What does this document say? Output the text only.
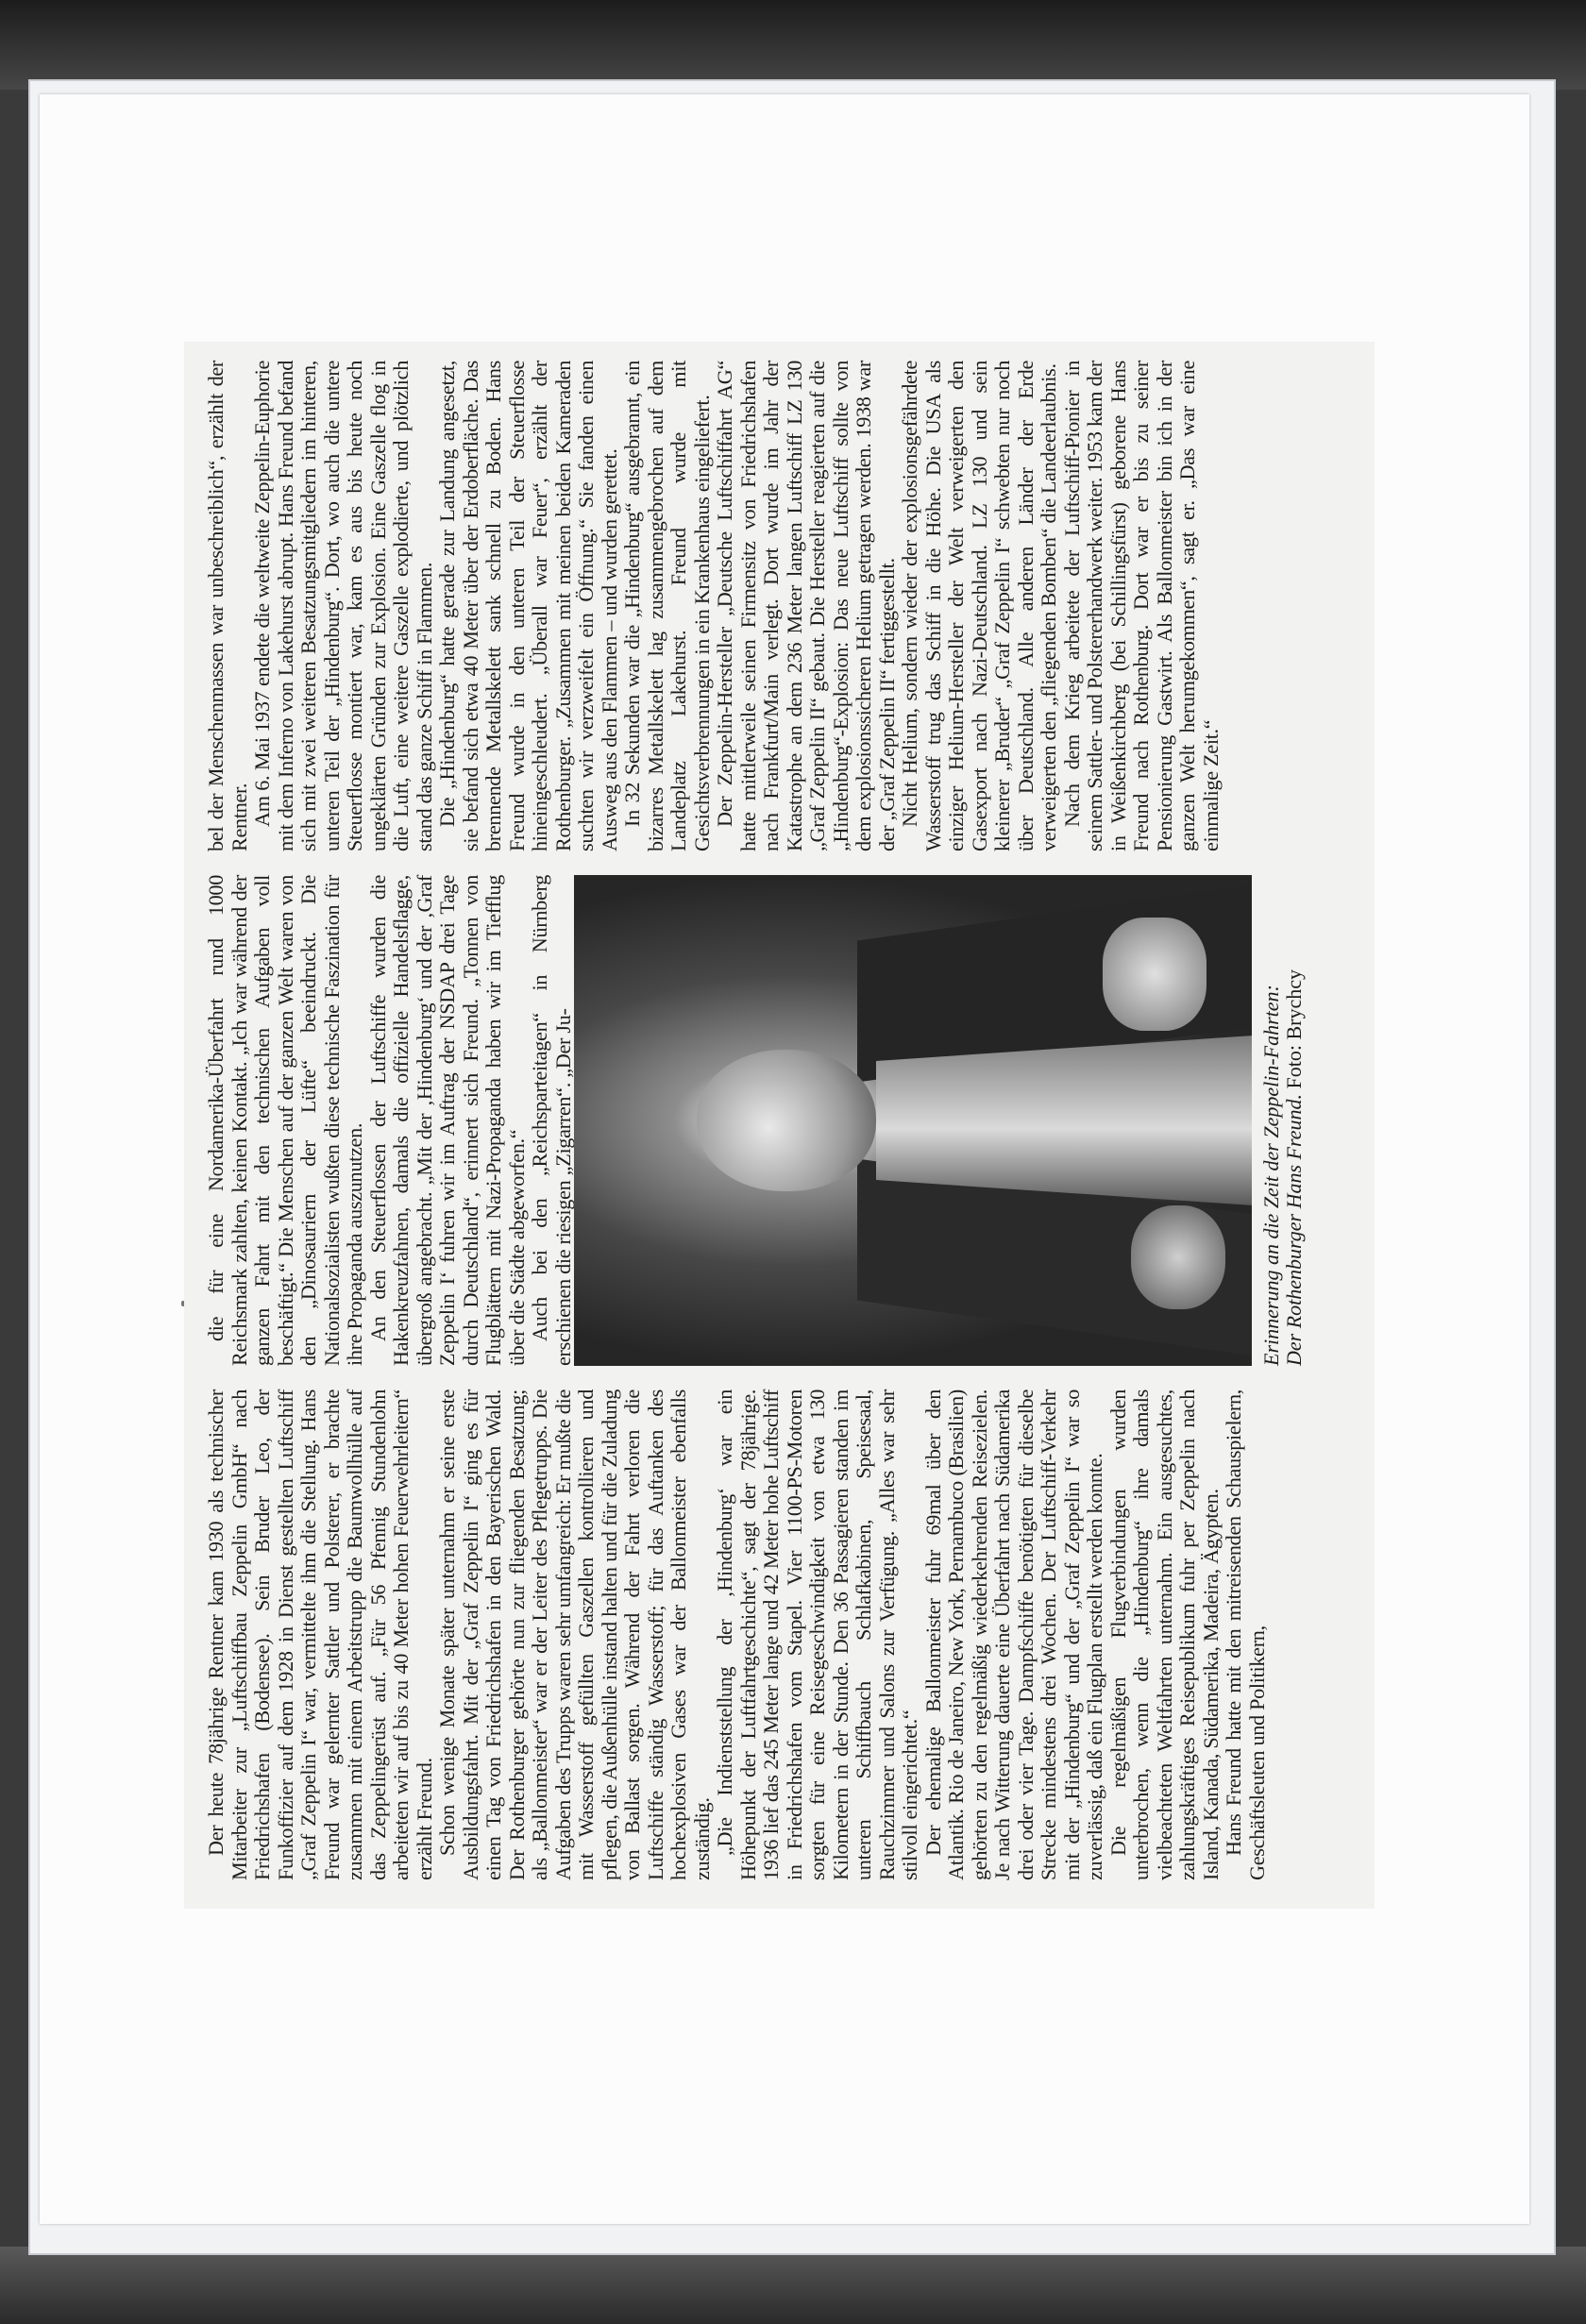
Der heute 78jährige Rentner kam 1930 als technischer Mitarbeiter zur „Luftschiffbau Zeppelin GmbH“ nach Friedrichshafen (Bodensee). Sein Bruder Leo, der Funkoffizier auf dem 1928 in Dienst gestellten Luftschiff „Graf Zeppelin I“ war, vermittelte ihm die Stellung. Hans Freund war gelernter Sattler und Polsterer, er brachte zusammen mit einem Arbeitstrupp die Baumwollhülle auf das Zeppelingerüst auf. „Für 56 Pfennig Stundenlohn arbeiteten wir auf bis zu 40 Meter hohen Feuerwehrleitern“ erzählt Freund. Schon wenige Monate später unternahm er seine erste Ausbildungsfahrt. Mit der „Graf Zeppelin I“ ging es für einen Tag von Friedrichshafen in den Bayerischen Wald. Der Rothenburger gehörte nun zur fliegenden Besatzung; als „Ballonmeister“ war er der Leiter des Pflegetrupps. Die Aufgaben des Trupps waren sehr umfangreich: Er mußte die mit Wasserstoff gefüllten Gaszellen kontrollieren und pflegen, die Außenhülle instand halten und für die Zuladung von Ballast sorgen. Während der Fahrt verloren die Luftschiffe ständig Wasserstoff; für das Auftanken des hochexplosiven Gases war der Ballonmeister ebenfalls zuständig. „Die Indienststellung der ‚Hindenburg‘ war ein Höhepunkt der Luftfahrtgeschichte“, sagt der 78jährige. 1936 lief das 245 Meter lange und 42 Meter hohe Luftschiff in Friedrichshafen vom Stapel. Vier 1100-PS-Motoren sorgten für eine Reisegeschwindigkeit von etwa 130 Kilometern in der Stunde. Den 36 Passagieren standen im unteren Schiffbauch Schlafkabinen, Speisesaal, Rauchzimmer und Salons zur Verfügung. „Alles war sehr stilvoll eingerichtet.“ Der ehemalige Ballonmeister fuhr 69mal über den Atlantik. Rio de Janeiro, New York, Pernambuco (Brasilien) gehörten zu den regelmäßig wiederkehrenden Reisezielen. Je nach Witterung dauerte eine Überfahrt nach Südamerika drei oder vier Tage. Dampfschiffe benötigten für dieselbe Strecke mindestens drei Wochen. Der Luftschiff-Verkehr mit der „Hindenburg“ und der „Graf Zeppelin I“ war so zuverlässig, daß ein Flugplan erstellt werden konnte. Die regelmäßigen Flugverbindungen wurden unterbrochen, wenn die „Hindenburg“ ihre damals vielbeachteten Weltfahrten unternahm. Ein ausgesuchtes, zahlungskräftiges Reisepublikum fuhr per Zeppelin nach Island, Kanada, Südamerika, Madeira, Ägypten. Hans Freund hatte mit den mitreisenden Schauspielern, Geschäftsleuten und Politikern,

die für eine Nordamerika-Überfahrt rund 1000 Reichsmark zahlten, keinen Kontakt. „Ich war während der ganzen Fahrt mit den technischen Aufgaben voll beschäftigt.“ Die Menschen auf der ganzen Welt waren von den „Dinosauriern der Lüfte“ beeindruckt. Die Nationalsozialisten wußten diese technische Faszination für ihre Propaganda auszunutzen. An den Steuerflossen der Luftschiffe wurden die Hakenkreuzfahnen, damals die offizielle Handelsflagge, übergroß angebracht. „Mit der ‚Hindenburg‘ und der ‚Graf Zeppelin I‘ fuhren wir im Auftrag der NSDAP drei Tage durch Deutschland“, erinnert sich Freund. „Tonnen von Flugblättern mit Nazi-Propaganda haben wir im Tiefflug über die Städte abgeworfen.“ Auch bei den „Reichsparteitagen“ in Nürnberg erschienen die riesigen „Zigarren“. „Der Ju-	Erinnerung an die Zeit der Zeppelin-Fahrten: Der Rothenburger Hans Freund. Foto: Brychcy

bel der Menschenmassen war unbeschreiblich“, erzählt der Rentner. Am 6. Mai 1937 endete die weltweite Zeppelin-Euphorie mit dem Inferno von Lakehurst abrupt. Hans Freund befand sich mit zwei weiteren Besatzungsmitgliedern im hinteren, unteren Teil der „Hindenburg“. Dort, wo auch die untere Steuerflosse montiert war, kam es aus bis heute noch ungeklärten Gründen zur Explosion. Eine Gaszelle flog in die Luft, eine weitere Gaszelle explodierte, und plötzlich stand das ganze Schiff in Flammen. Die „Hindenburg“ hatte gerade zur Landung angesetzt, sie befand sich etwa 40 Meter über der Erdoberfläche. Das brennende Metallskelett sank schnell zu Boden. Hans Freund wurde in den unteren Teil der Steuerflosse hineingeschleudert. „Überall war Feuer“, erzählt der Rothenburger. „Zusammen mit meinen beiden Kameraden suchten wir verzweifelt ein Öffnung.“ Sie fanden einen Ausweg aus den Flammen – und wurden gerettet. In 32 Sekunden war die „Hindenburg“ ausgebrannt, ein bizarres Metallskelett lag zusammengebrochen auf dem Landeplatz Lakehurst. Freund wurde mit Gesichtsverbrennungen in ein Krankenhaus eingeliefert. Der Zeppelin-Hersteller „Deutsche Luftschiffahrt AG“ hatte mittlerweile seinen Firmensitz von Friedrichshafen nach Frankfurt/Main verlegt. Dort wurde im Jahr der Katastrophe an dem 236 Meter langen Luftschiff LZ 130 „Graf Zeppelin II“ gebaut. Die Hersteller reagierten auf die „Hindenburg“-Explosion: Das neue Luftschiff sollte von dem explosionssicheren Helium getragen werden. 1938 war der „Graf Zeppelin II“ fertiggestellt. Nicht Helium, sondern wieder der explosionsgefährdete Wasserstoff trug das Schiff in die Höhe. Die USA als einziger Helium-Hersteller der Welt verweigerten den Gasexport nach Nazi-Deutschland. LZ 130 und sein kleinerer „Bruder“ „Graf Zeppelin I“ schwebten nur noch über Deutschland. Alle anderen Länder der Erde verweigerten den „fliegenden Bomben“ die Landeerlaubnis. Nach dem Krieg arbeitete der Luftschiff-Pionier in seinem Sattler- und Polstererhandwerk weiter. 1953 kam der in Weißenkirchberg (bei Schillingsfürst) geborene Hans Freund nach Rothenburg. Dort war er bis zu seiner Pensionierung Gastwirt. Als Ballonmeister bin ich in der ganzen Welt herumgekommen“, sagt er. „Das war eine einmalige Zeit.“
